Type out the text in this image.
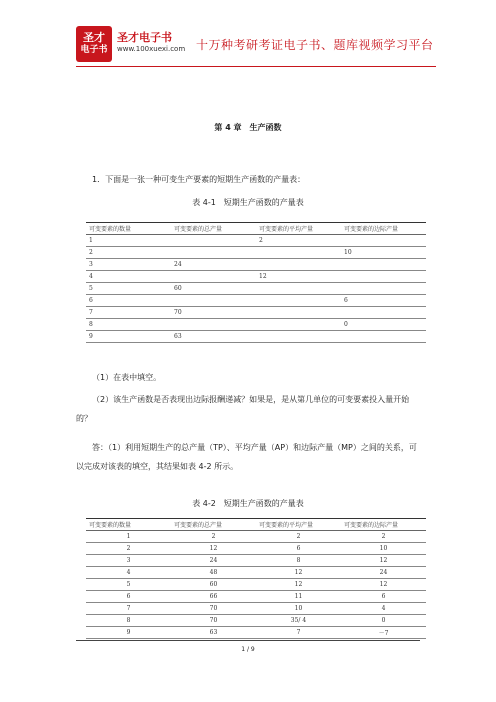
圣才
电子书
圣才电子书
www.100xuexi.com 十万种考研考证电子书、题库视频学习平台
第 4 章　生产函数
1．下面是一张一种可变生产要素的短期生产函数的产量表：
表 4-1　短期生产函数的产量表
可变要素的数量	可变要素的总产量	可变要素的平均产量	可变要素的边际产量
1		2	
2			10
3	24		
4		12	
5	60		
6			6
7	70		
8			0
9	63		
（1）在表中填空。
（2）该生产函数是否表现出边际报酬递减？如果是，是从第几单位的可变要素投入量开始的？
答：（1）利用短期生产的总产量（TP）、平均产量（AP）和边际产量（MP）之间的关系，可以完成对该表的填空，其结果如表 4-2 所示。
表 4-2　短期生产函数的产量表
可变要素的数量	可变要素的总产量	可变要素的平均产量	可变要素的边际产量
1	2	2	2
2	12	6	10
3	24	8	12
4	48	12	24
5	60	12	12
6	66	11	6
7	70	10	4
8	70	35/ 4	0
9	63	7	－7
1 / 9
